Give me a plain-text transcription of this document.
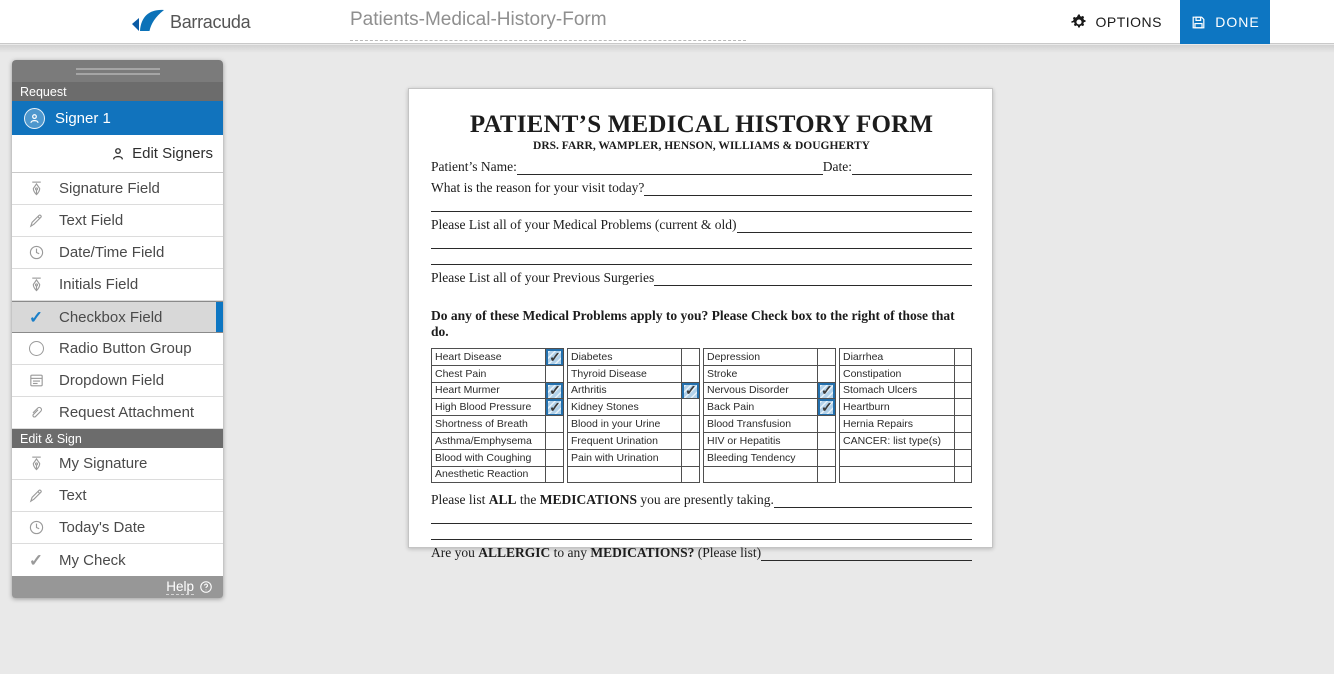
Barracuda	Patients-Medical-History-Form	OPTIONS	DONE
Request
Signer 1
Edit Signers
Signature Field
Text Field
Date/Time Field
Initials Field
✓ Checkbox Field
Radio Button Group
Dropdown Field
Request Attachment
Edit & Sign
My Signature
Text
Today's Date
✓ My Check
Help
PATIENT’S MEDICAL HISTORY FORM
DRS. FARR, WAMPLER, HENSON, WILLIAMS & DOUGHERTY
Patient’s Name:	Date:
What is the reason for your visit today?
Please List all of your Medical Problems (current & old)
Please List all of your Previous Surgeries
Do any of these Medical Problems apply to you? Please Check box to the right of those that do.
Heart Disease	✓

Chest Pain	
Heart Murmer	✓

High Blood Pressure	✓

Shortness of Breath	
Asthma/Emphysema	
Blood with Coughing	
Anesthetic Reaction	
Diabetes	
Thyroid Disease	
Arthritis	✓

Kidney Stones	
Blood in your Urine	
Frequent Urination	
Pain with Urination	

Depression	
Stroke	
Nervous Disorder	✓

Back Pain	✓

Blood Transfusion	
HIV or Hepatitis	
Bleeding Tendency	

Diarrhea	
Constipation	
Stomach Ulcers	
Heartburn	
Hernia Repairs	
CANCER: list type(s)	

Please list ALL the MEDICATIONS you are presently taking.
Are you ALLERGIC to any MEDICATIONS? (Please list)
